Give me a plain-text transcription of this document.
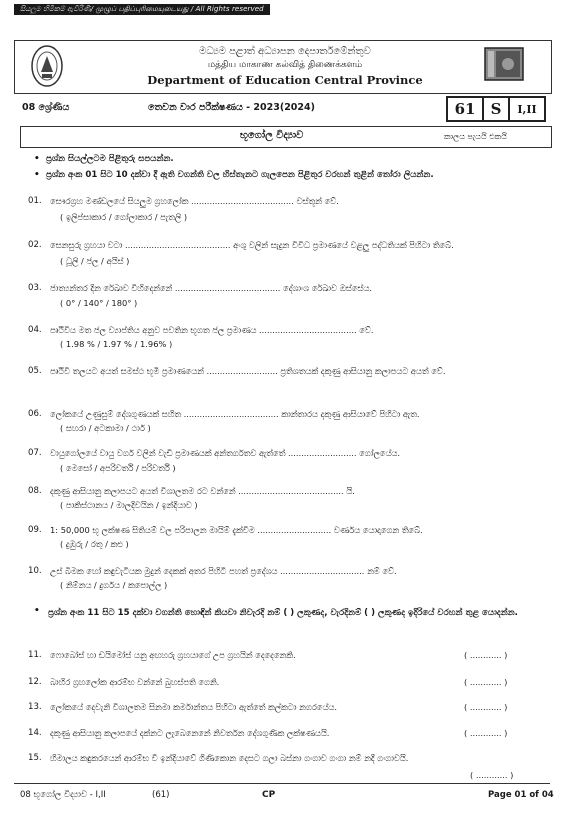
සියලුම හිමිකම් ඇවිරිණි/ முழுப் பதிப்புரிமையுடையது / All Rights reserved
මධ්‍යම පළාත් අධ්‍යාපන දෙපාර්තමේන්තුව
மத்திய மாகாண கல்வித் திணைக்களம்
Department of Education Central Province
08 ශ්‍රේණිය	තෙවන වාර පරීක්ෂණය - 2023(2024)	61	S	I,II
භූගෝල විද්‍යාව	කාලය පැයයි එකයි
• ප්‍රශ්න සියල්ලටම පිළිතුරු සපයන්න.
• ප්‍රශ්න අංක 01 සිට 10 දක්වා දී ඇති වගන්ති වල හිස්තැනට ගැලපෙන පිළිතුර වරහන් තුළින් තෝරා ලියන්න.
01. සෞරග්‍රහ මණ්ඩලයේ සියලුම ග්‍රහලෝක ....................................... වස්තූන් වේ.
( ඉලිප්සාකාර / ගෝලාකාර / පැතලි )
02. සෙනසුරු ග්‍රහයා වටා ........................................ අංශු වලින් සැදුන විවිධ ප්‍රමාණයේ වළලු පද්ධතියක් පිහිටා තිබේ.
( ධූලි / ජල / අයිස් )
03. ජාත්‍යන්තර දින රේඛාව විහිදෙන්නේ ........................................ දේශාංශ රේඛාව ඔස්සේය.
( 0° / 140° / 180° )
04. පෘථිවිය මත ජල ව්‍යාප්තිය අනුව පවතින භූගත ජල ප්‍රමාණය ..................................... වේ.
( 1.98 % / 1.97 % / 1.96% )
05. පෘථිවි තලයට අයත් සමස්ථ භූමි ප්‍රමාණයෙන් ........................... ප්‍රතිශතයක් දකුණු ආසියානු කලාපයට අයත් වේ.
06. ලෝකයේ උණුසුම් දේශගුණයක් සහිත .................................... කාන්තාරය දකුණු ආසියාවේ පිහිටා ඇත.
( සහරා / අටකාමා / ථාර් )
07. වායුගෝලයේ වායු වර්ග වලින් වැඩි ප්‍රමාණයක් අන්තර්ගතව ඇත්තේ .......................... ගෝලයේය.
( මෙසෝ / අපරිවර්ති / පරිවර්ති )
08. දකුණු ආසියානු කලාපයට අයත් විශාලතම රට වන්නේ ........................................ යි.
( පාකිස්ථානය / මාලදිවයින / ඉන්දියාව )
09. 1: 50,000 භූ ලක්ෂණ සිතියම් වල පරිපාලන මායිම් දැක්වීම ............................ වර්ණය යොදාගෙන තිබේ.
( දුඹුරු / රතු / කළු )
10. උස් බිමක හෝ කඳුවැටියක මුදුන් දෙකක් අතර පිහිටි පහත් ප්‍රදේශය ................................ නම් වේ.
( නිම්නය / දුර්ගය / කපොල්ල )
• ප්‍රශ්න අංක 11 සිට 15 දක්වා වගන්ති හොඳින් කියවා නිවැරදි නම් ( ) ලකුණද, වැරදිනම් ( ) ලකුණද ඉදිරියේ වරහන් තුළ යොදන්න.
11. ෆොබෝස් හා ඩයිමෝස් යනු අඟහරු ග්‍රහයාගේ උප ග්‍රහයින් දෙදෙනෙකි.	( ............ )
12. බාහිර ග්‍රහලෝක ආරම්භ වන්නේ බුහස්පති ගෙනි.	( ............ )
13. ලෝකයේ දෙවැනි විශාලතම සිනමා කර්මාන්තය පිහිටා ඇත්තේ කල්කටා නගරයේය.	( ............ )
14. දකුණු ආසියානු කලාපයේ දක්නට ලැබෙනෙනේ නිවර්තන දේශගුණික ලක්ෂණයයි.	( ............ )
15. හිමාලය කඳුකරයෙන් ආරම්භ වී ඉන්දියාවේ ගිණිකොන දෙසට ගලා බස්නා ගංගාව ගංගා නම් නදී ගංගාවයි.
( ............ )
08 භූගෝල විද්‍යාව - I,II	(61)	CP	Page 01 of 04
